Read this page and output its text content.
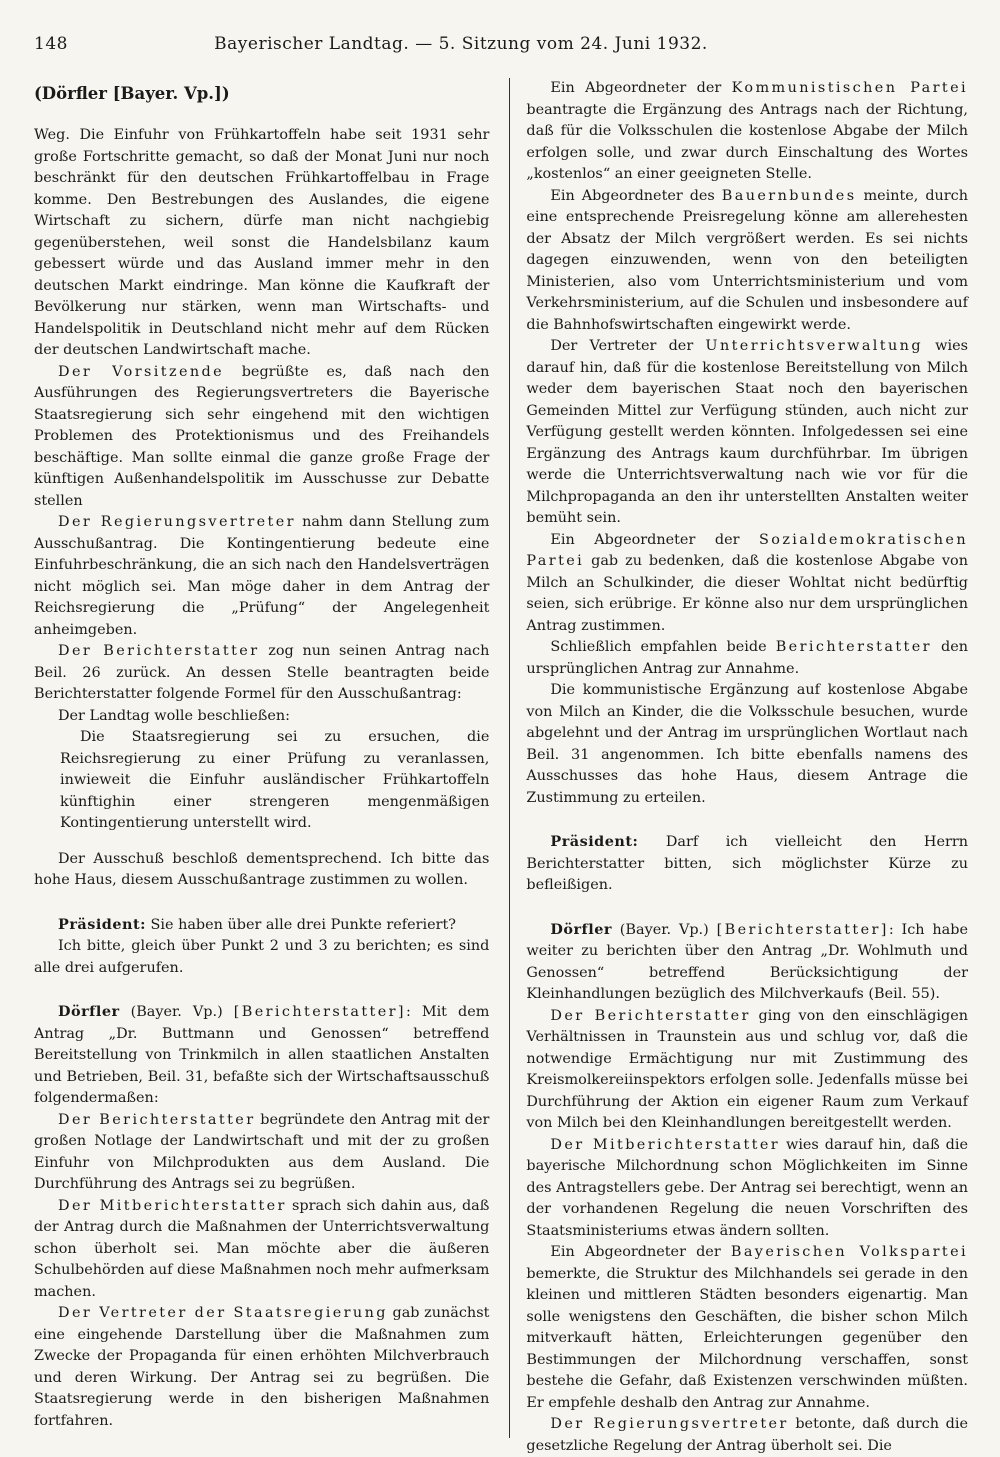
148	Bayerischer Landtag. — 5. Sitzung vom 24. Juni 1932.
(Dörfler [Bayer. Vp.])

Weg. Die Einfuhr von Frühkartoffeln habe seit 1931 sehr große Fortschritte gemacht, so daß der Monat Juni nur noch beschränkt für den deutschen Frühkartoffelbau in Frage komme. Den Bestrebungen des Auslandes, die eigene Wirtschaft zu sichern, dürfe man nicht nachgiebig gegenüberstehen, weil sonst die Handelsbilanz kaum gebessert würde und das Ausland immer mehr in den deutschen Markt eindringe. Man könne die Kaufkraft der Bevölkerung nur stärken, wenn man Wirtschafts- und Handelspolitik in Deutschland nicht mehr auf dem Rücken der deutschen Landwirtschaft mache.

Der Vorsitzende begrüßte es, daß nach den Ausführungen des Regierungsvertreters die Bayerische Staatsregierung sich sehr eingehend mit den wichtigen Problemen des Protektionismus und des Freihandels beschäftige. Man sollte einmal die ganze große Frage der künftigen Außenhandelspolitik im Ausschusse zur Debatte stellen

Der Regierungsvertreter nahm dann Stellung zum Ausschußantrag. Die Kontingentierung bedeute eine Einfuhrbeschränkung, die an sich nach den Handelsverträgen nicht möglich sei. Man möge daher in dem Antrag der Reichsregierung die „Prüfung“ der Angelegenheit anheimgeben.

Der Berichterstatter zog nun seinen Antrag nach Beil. 26 zurück. An dessen Stelle beantragten beide Berichterstatter folgende Formel für den Ausschußantrag:

Der Landtag wolle beschließen:

Die Staatsregierung sei zu ersuchen, die Reichsregierung zu einer Prüfung zu veranlassen, inwieweit die Einfuhr ausländischer Frühkartoffeln künftighin einer strengeren mengenmäßigen Kontingentierung unterstellt wird.

Der Ausschuß beschloß dementsprechend. Ich bitte das hohe Haus, diesem Ausschußantrage zustimmen zu wollen.

Präsident: Sie haben über alle drei Punkte referiert?

Ich bitte, gleich über Punkt 2 und 3 zu berichten; es sind alle drei aufgerufen.

Dörfler (Bayer. Vp.) [Berichterstatter]: Mit dem Antrag „Dr. Buttmann und Genossen“ betreffend Bereitstellung von Trinkmilch in allen staatlichen Anstalten und Betrieben, Beil. 31, befaßte sich der Wirtschaftsausschuß folgendermaßen:

Der Berichterstatter begründete den Antrag mit der großen Notlage der Landwirtschaft und mit der zu großen Einfuhr von Milchprodukten aus dem Ausland. Die Durchführung des Antrags sei zu begrüßen.

Der Mitberichterstatter sprach sich dahin aus, daß der Antrag durch die Maßnahmen der Unterrichtsverwaltung schon überholt sei. Man möchte aber die äußeren Schulbehörden auf diese Maßnahmen noch mehr aufmerksam machen.

Der Vertreter der Staatsregierung gab zunächst eine eingehende Darstellung über die Maßnahmen zum Zwecke der Propaganda für einen erhöhten Milchverbrauch und deren Wirkung. Der Antrag sei zu begrüßen. Die Staatsregierung werde in den bisherigen Maßnahmen fortfahren.

Ein Abgeordneter der Kommunistischen Partei beantragte die Ergänzung des Antrags nach der Richtung, daß für die Volksschulen die kostenlose Abgabe der Milch erfolgen solle, und zwar durch Einschaltung des Wortes „kostenlos“ an einer geeigneten Stelle.

Ein Abgeordneter des Bauernbundes meinte, durch eine entsprechende Preisregelung könne am allerehesten der Absatz der Milch vergrößert werden. Es sei nichts dagegen einzuwenden, wenn von den beteiligten Ministerien, also vom Unterrichtsministerium und vom Verkehrsministerium, auf die Schulen und insbesondere auf die Bahnhofswirtschaften eingewirkt werde.

Der Vertreter der Unterrichtsverwaltung wies darauf hin, daß für die kostenlose Bereitstellung von Milch weder dem bayerischen Staat noch den bayerischen Gemeinden Mittel zur Verfügung stünden, auch nicht zur Verfügung gestellt werden könnten. Infolgedessen sei eine Ergänzung des Antrags kaum durchführbar. Im übrigen werde die Unterrichtsverwaltung nach wie vor für die Milchpropaganda an den ihr unterstellten Anstalten weiter bemüht sein.

Ein Abgeordneter der Sozialdemokratischen Partei gab zu bedenken, daß die kostenlose Abgabe von Milch an Schulkinder, die dieser Wohltat nicht bedürftig seien, sich erübrige. Er könne also nur dem ursprünglichen Antrag zustimmen.

Schließlich empfahlen beide Berichterstatter den ursprünglichen Antrag zur Annahme.

Die kommunistische Ergänzung auf kostenlose Abgabe von Milch an Kinder, die die Volksschule besuchen, wurde abgelehnt und der Antrag im ursprünglichen Wortlaut nach Beil. 31 angenommen. Ich bitte ebenfalls namens des Ausschusses das hohe Haus, diesem Antrage die Zustimmung zu erteilen.

Präsident: Darf ich vielleicht den Herrn Berichterstatter bitten, sich möglichster Kürze zu befleißigen.

Dörfler (Bayer. Vp.) [Berichterstatter]: Ich habe weiter zu berichten über den Antrag „Dr. Wohlmuth und Genossen“ betreffend Berücksichtigung der Kleinhandlungen bezüglich des Milchverkaufs (Beil. 55).

Der Berichterstatter ging von den einschlägigen Verhältnissen in Traunstein aus und schlug vor, daß die notwendige Ermächtigung nur mit Zustimmung des Kreismolkereiinspektors erfolgen solle. Jedenfalls müsse bei Durchführung der Aktion ein eigener Raum zum Verkauf von Milch bei den Kleinhandlungen bereitgestellt werden.

Der Mitberichterstatter wies darauf hin, daß die bayerische Milchordnung schon Möglichkeiten im Sinne des Antragstellers gebe. Der Antrag sei berechtigt, wenn an der vorhandenen Regelung die neuen Vorschriften des Staatsministeriums etwas ändern sollten.

Ein Abgeordneter der Bayerischen Volkspartei bemerkte, die Struktur des Milchhandels sei gerade in den kleinen und mittleren Städten besonders eigenartig. Man solle wenigstens den Geschäften, die bisher schon Milch mitverkauft hätten, Erleichterungen gegenüber den Bestimmungen der Milchordnung verschaffen, sonst bestehe die Gefahr, daß Existenzen verschwinden müßten. Er empfehle deshalb den Antrag zur Annahme.

Der Regierungsvertreter betonte, daß durch die gesetzliche Regelung der Antrag überholt sei. Die
